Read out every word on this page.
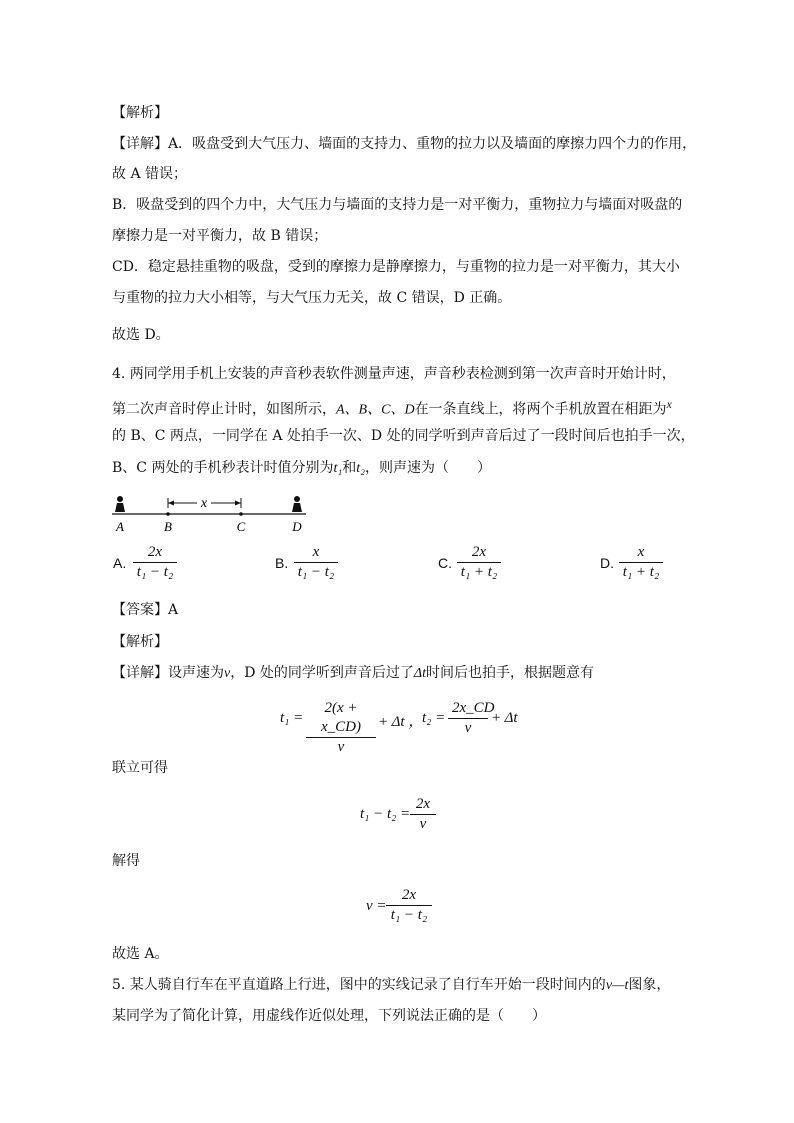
【解析】
【详解】A．吸盘受到大气压力、墙面的支持力、重物的拉力以及墙面的摩擦力四个力的作用，
故 A 错误；
B．吸盘受到的四个力中，大气压力与墙面的支持力是一对平衡力，重物拉力与墙面对吸盘的
摩擦力是一对平衡力，故 B 错误；
CD．稳定悬挂重物的吸盘，受到的摩擦力是静摩擦力，与重物的拉力是一对平衡力，其大小
与重物的拉力大小相等，与大气压力无关，故 C 错误，D 正确。
故选 D。
4. 两同学用手机上安装的声音秒表软件测量声速，声音秒表检测到第一次声音时开始计时，
第二次声音时停止计时，如图所示，A、B、C、D在一条直线上，将两个手机放置在相距为$^x$
的 B、C 两点，一同学在 A 处拍手一次、D 处的同学听到声音后过了一段时间后也拍手一次，
B、C 两处的手机秒表计时值分别为t₁和t₂，则声速为（　　）
x
A	B	C	D
A. $\frac{2x}{\text{t₁ − t₂}}$	B. $\frac{x}{\text{t₁ − t₂}}$	C. $\frac{2x}{\text{t₁ + t₂}}$	D. $\frac{x}{\text{t₁ + t₂}}$
【答案】A
【解析】
【详解】设声速为v，D 处的同学听到声音后过了Δt时间后也拍手，根据题意有
$t_1 = \frac{2(x + x\_CD)}{v} + \Delta t$ ，
$t_2 = \frac{2x\_CD}{v} + \Delta t$
联立可得
$t_1 - t_2 = \frac{2x}{v}$
解得
$v = \frac{2x}{\text{t₁ − t₂}}$
故选 A。
5. 某人骑自行车在平直道路上行进，图中的实线记录了自行车开始一段时间内的v—t图象，
某同学为了简化计算，用虚线作近似处理，下列说法正确的是（　　）
